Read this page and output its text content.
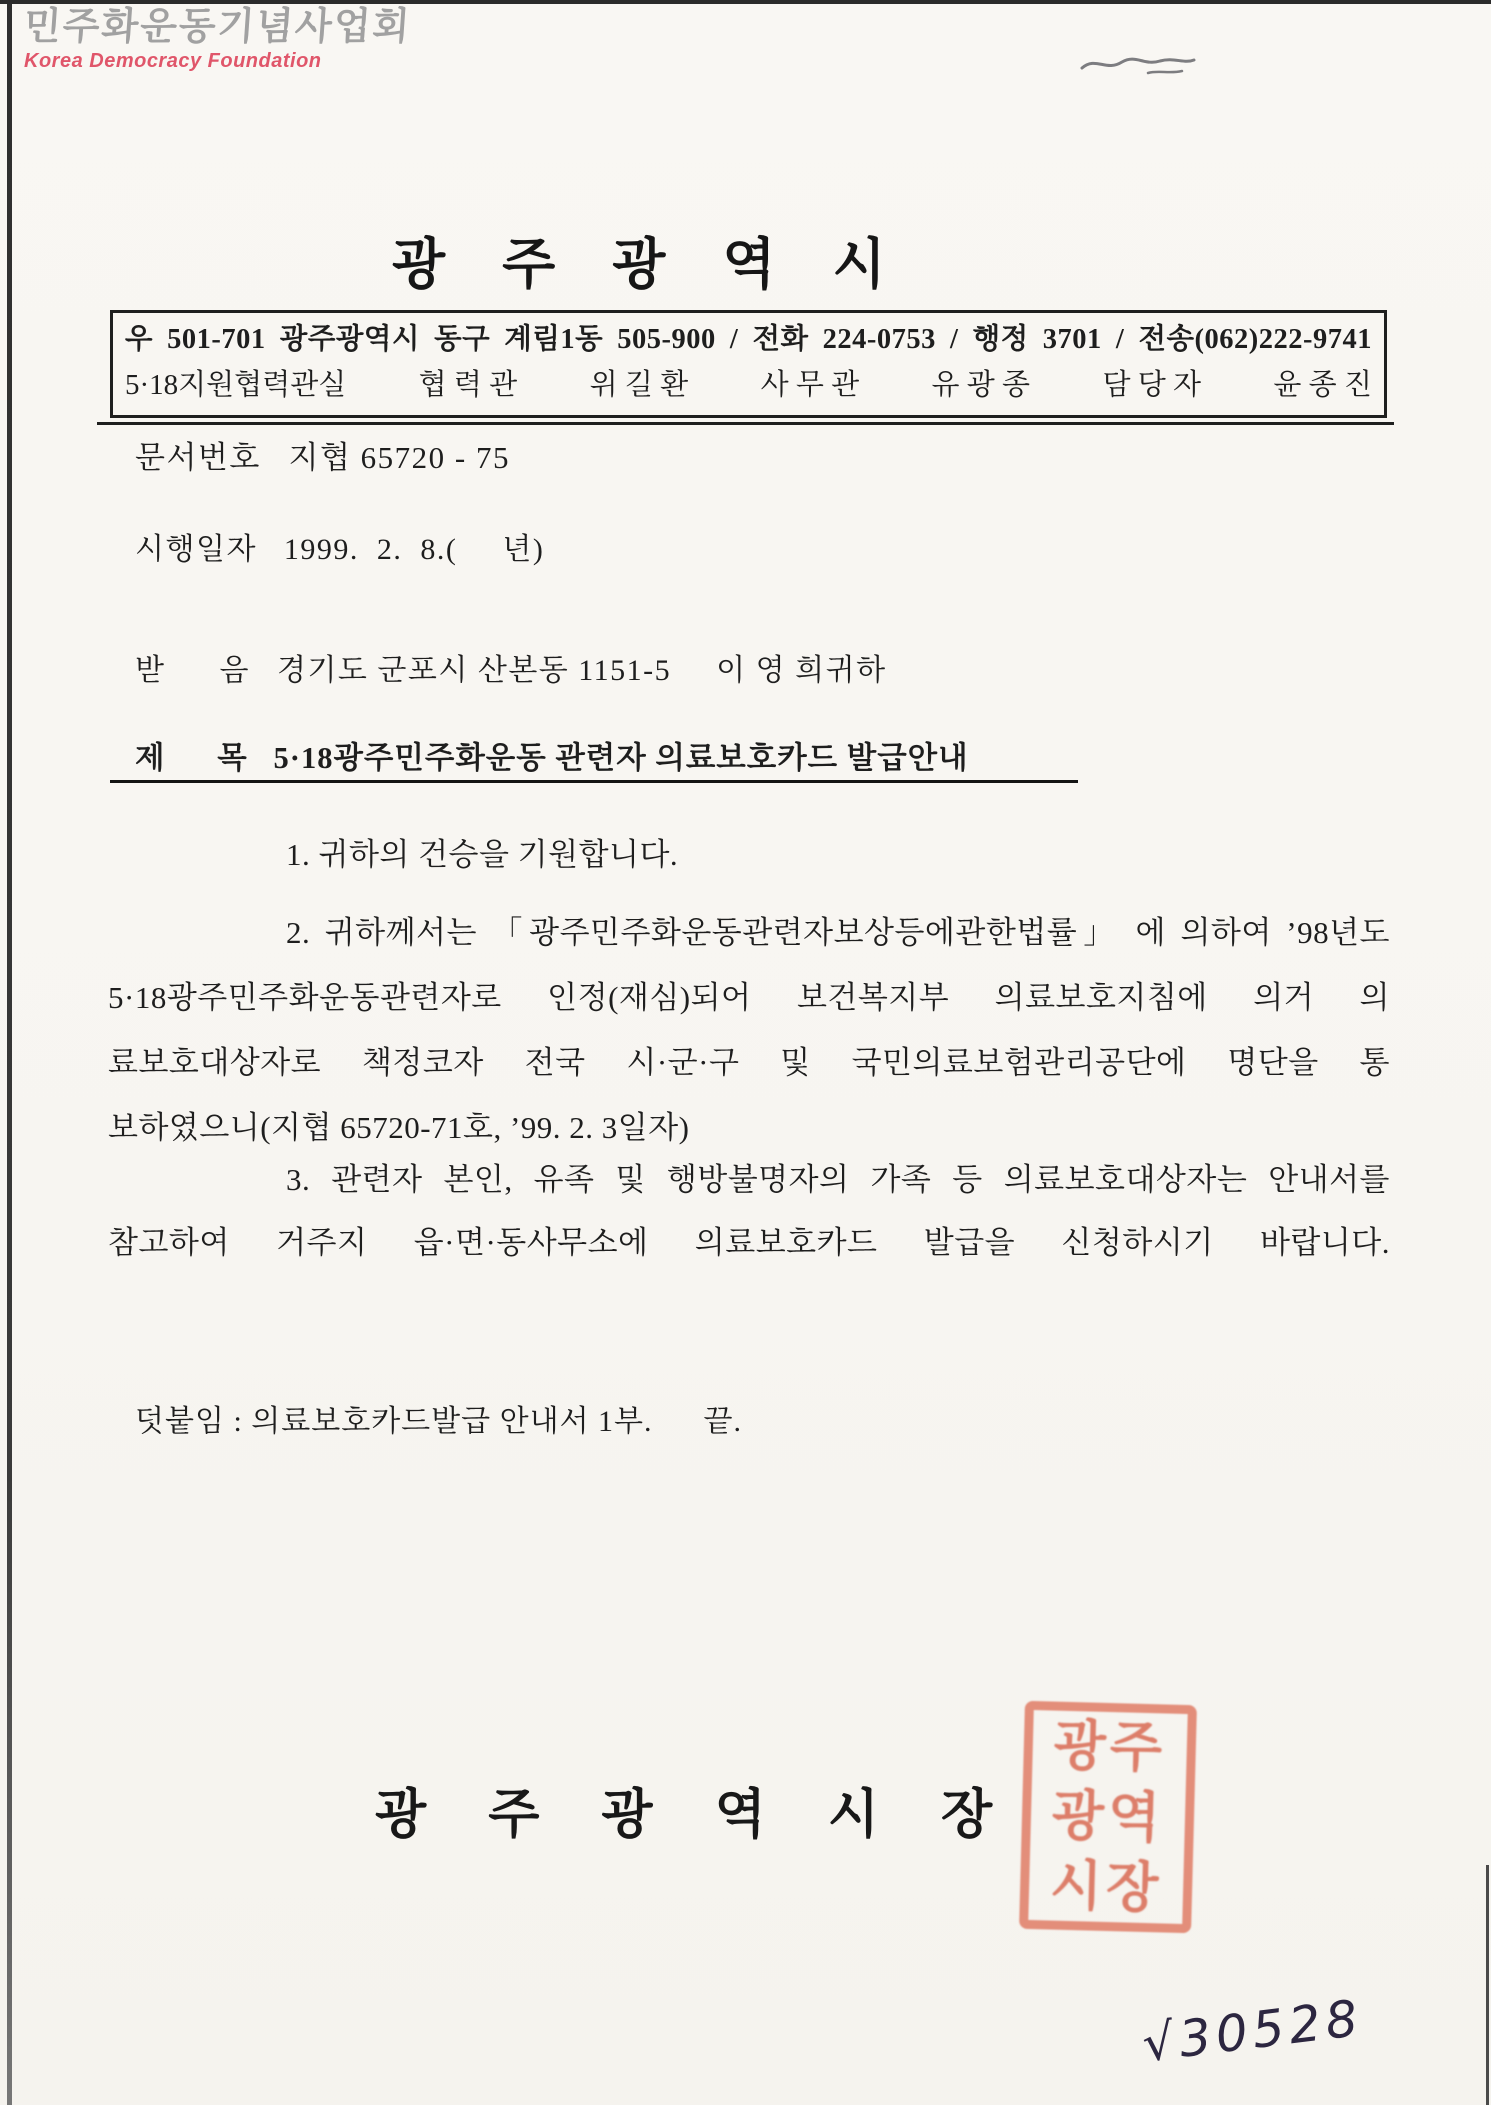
민주화운동기념사업회
Korea Democracy Foundation
광주광역시
우 501-701 광주광역시 동구 계림1동 505-900 / 전화 224-0753 / 행정 3701 / 전송(062)222-9741
5·18지원협력관실 협 력 관 위 길 환 사 무 관 유 광 종 담 당 자 윤 종 진
문서번호   지협 65720 - 75
시행일자   1999.  2.  8.(     년)
받      음   경기도 군포시 산본동 1151-5     이 영 희귀하
제      목   5·18광주민주화운동 관련자 의료보호카드 발급안내
1. 귀하의 건승을 기원합니다.
2. 귀하께서는 「광주민주화운동관련자보상등에관한법률」 에 의하여 ’98년도
5·18광주민주화운동관련자로 인정(재심)되어 보건복지부 의료보호지침에 의거 의
료보호대상자로 책정코자 전국 시·군·구 및 국민의료보험관리공단에 명단을 통
보하였으니(지협 65720-71호, ’99. 2. 3일자)
3. 관련자 본인, 유족 및 행방불명자의 가족 등 의료보호대상자는 안내서를
참고하여 거주지 읍·면·동사무소에 의료보호카드 발급을 신청하시기 바랍니다.
덧붙임 : 의료보호카드발급 안내서 1부.      끝.
광주광역시장
광주
광역
시장
√30528
